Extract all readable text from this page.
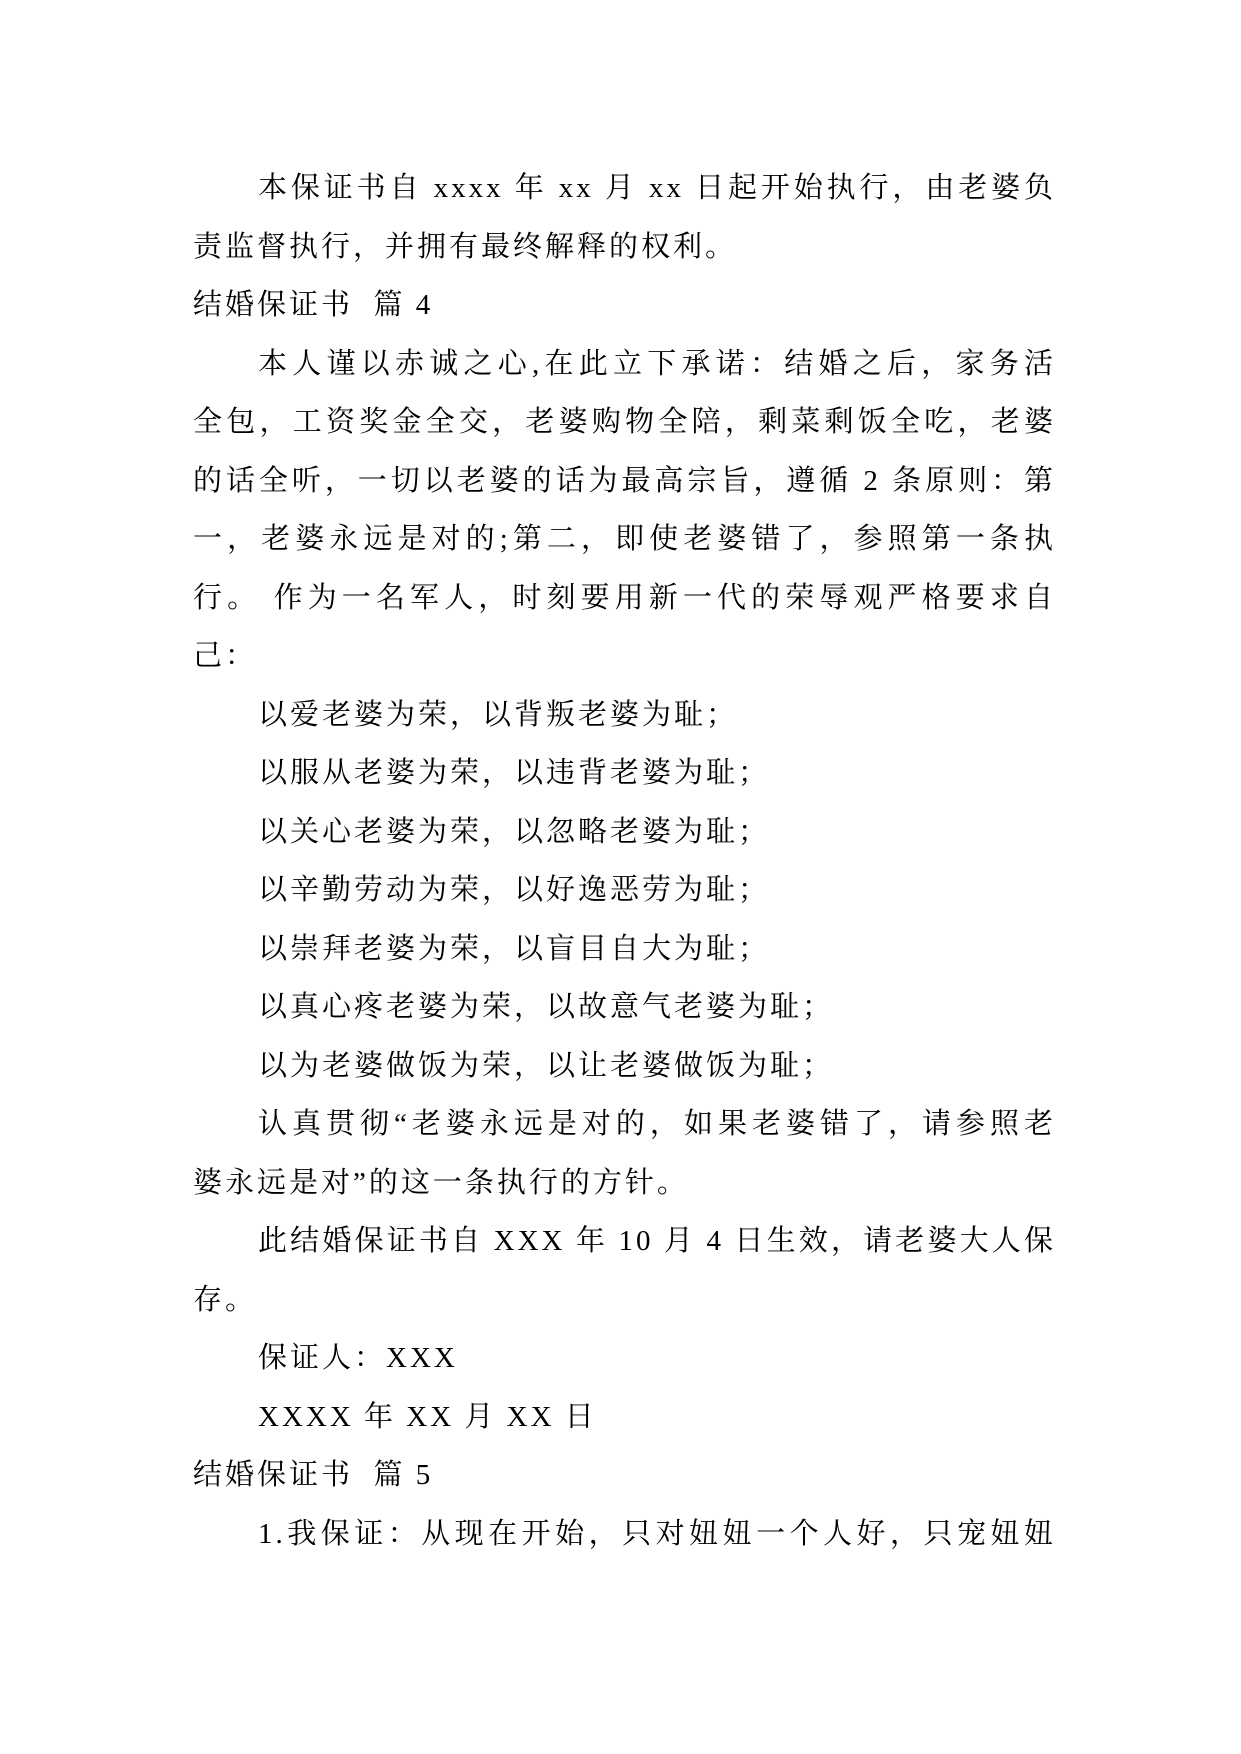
本保证书自 xxxx 年 xx 月 xx 日起开始执行，由老婆负
责监督执行，并拥有最终解释的权利。
结婚保证书  篇 4
本人谨以赤诚之心,在此立下承诺：结婚之后，家务活
全包，工资奖金全交，老婆购物全陪，剩菜剩饭全吃，老婆
的话全听，一切以老婆的话为最高宗旨，遵循 2 条原则：第
一，老婆永远是对的;第二，即使老婆错了，参照第一条执
行。 作为一名军人，时刻要用新一代的荣辱观严格要求自
己：
以爱老婆为荣，以背叛老婆为耻；
以服从老婆为荣，以违背老婆为耻；
以关心老婆为荣，以忽略老婆为耻；
以辛勤劳动为荣，以好逸恶劳为耻；
以崇拜老婆为荣，以盲目自大为耻；
以真心疼老婆为荣，以故意气老婆为耻；
以为老婆做饭为荣，以让老婆做饭为耻；
认真贯彻“老婆永远是对的，如果老婆错了，请参照老
婆永远是对”的这一条执行的方针。
此结婚保证书自 XXX 年 10 月 4 日生效，请老婆大人保
存。
保证人：XXX
XXXX 年 XX 月 XX 日
结婚保证书  篇 5
1.我保证：从现在开始，只对妞妞一个人好，只宠妞妞
